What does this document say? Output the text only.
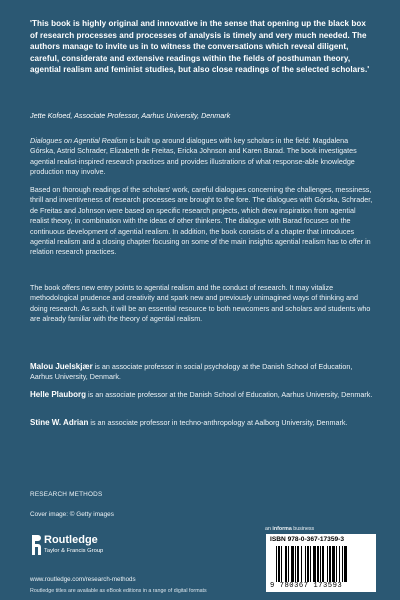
'This book is highly original and innovative in the sense that opening up the black box of research processes and processes of analysis is timely and very much needed. The authors manage to invite us in to witness the conversations which reveal diligent, careful, considerate and extensive readings within the fields of posthuman theory, agential realism and feminist studies, but also close readings of the selected scholars.'
Jette Kofoed, Associate Professor, Aarhus University, Denmark
Dialogues on Agential Realism is built up around dialogues with key scholars in the field: Magdalena Górska, Astrid Schrader, Elizabeth de Freitas, Ericka Johnson and Karen Barad. The book investigates agential realist-inspired research practices and provides illustrations of what response-able knowledge production may involve.
Based on thorough readings of the scholars' work, careful dialogues concerning the challenges, messiness, thrill and inventiveness of research processes are brought to the fore. The dialogues with Górska, Schrader, de Freitas and Johnson were based on specific research projects, which drew inspiration from agential realist theory, in combination with the ideas of other thinkers. The dialogue with Barad focuses on the continuous development of agential realism. In addition, the book consists of a chapter that introduces agential realism and a closing chapter focusing on some of the main insights agential realism has to offer in relation research practices.
The book offers new entry points to agential realism and the conduct of research. It may vitalize methodological prudence and creativity and spark new and previously unimagined ways of thinking and doing research. As such, it will be an essential resource to both newcomers and scholars and students who are already familiar with the theory of agential realism.
Malou Juelskjær is an associate professor in social psychology at the Danish School of Education, Aarhus University, Denmark.
Helle Plauborg is an associate professor at the Danish School of Education, Aarhus University, Denmark.
Stine W. Adrian is an associate professor in techno-anthropology at Aalborg University, Denmark.
RESEARCH METHODS
Cover image: © Getty images
Routledge
Taylor & Francis Group
www.routledge.com/research-methods
Routledge titles are available as eBook editions in a range of digital formats
an informa business
ISBN 978-0-367-17359-3
9 780367 173593
